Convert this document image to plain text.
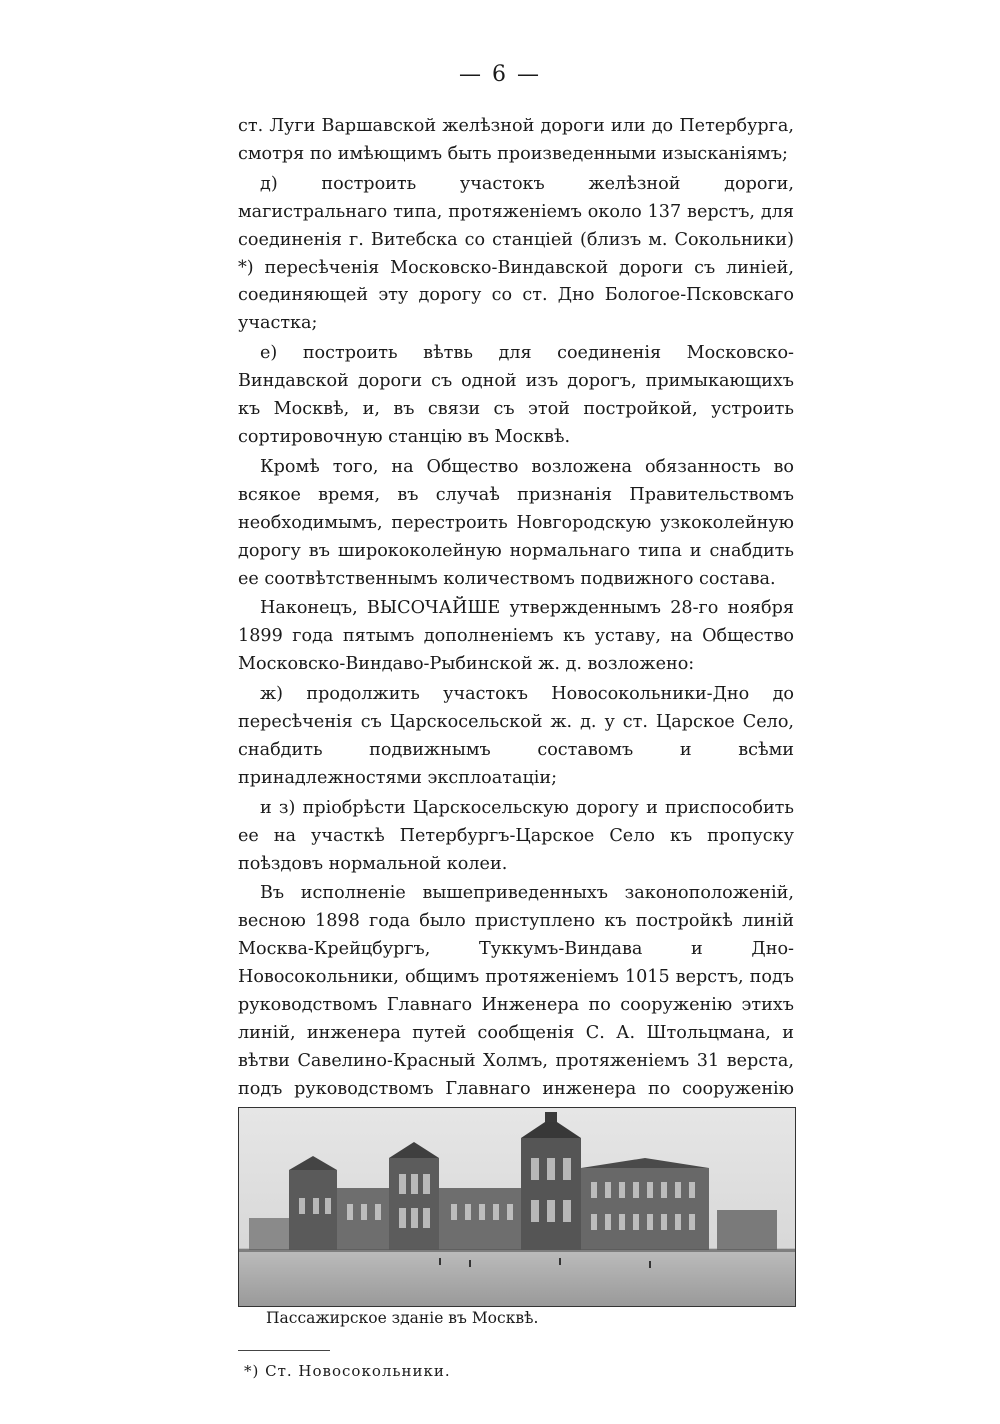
— 6 —

ст. Луги Варшавской желѣзной дороги или до Петербурга, смотря по имѣющимъ быть произведенными изысканіямъ;

д) построить участокъ желѣзной дороги, магистральнаго типа, протяженіемъ около 137 верстъ, для соединенія г. Витебска со станціей (близъ м. Сокольники) *) пересѣченія Московско-Виндавской дороги съ линіей, соединяющей эту дорогу со ст. Дно Бологое-Псковскаго участка;

е) построить вѣтвь для соединенія Московско-Виндавской дороги съ одной изъ дорогъ, примыкающихъ къ Москвѣ, и, въ связи съ этой постройкой, устроить сортировочную станцію въ Москвѣ.

Кромѣ того, на Общество возложена обязанность во всякое время, въ случаѣ признанія Правительствомъ необходимымъ, перестроить Новгородскую узкоколейную дорогу въ ширококолейную нормальнаго типа и снабдить ее соотвѣтственнымъ количествомъ подвижного состава.

Наконецъ, ВЫСОЧАЙШЕ утвержденнымъ 28-го ноября 1899 года пятымъ дополненіемъ къ уставу, на Общество Московско-Виндаво-Рыбинской ж. д. возложено:

ж) продолжить участокъ Новосокольники-Дно до пересѣченія съ Царскосельской ж. д. у ст. Царское Село, снабдить подвижнымъ составомъ и всѣми принадлежностями эксплоатаціи;

и з) пріобрѣсти Царскосельскую дорогу и приспособить ее на участкѣ Петербургъ-Царское Село къ пропуску поѣздовъ нормальной колеи.

Въ исполненіе вышеприведенныхъ законоположеній, весною 1898 года было приступлено къ постройкѣ линій Москва-Крейцбургъ, Туккумъ-Виндава и Дно-Новосокольники, общимъ протяженіемъ 1015 верстъ, подъ руководствомъ Главнаго Инженера по сооруженію этихъ линій, инженера путей сообщенія С. А. Штольцмана, и вѣтви Савелино-Красный Холмъ, протяженіемъ 31 верста, подъ руководствомъ Главнаго инженера по сооруженію

Пассажирское зданіе въ Москвѣ.
*) Ст. Новосокольники.
